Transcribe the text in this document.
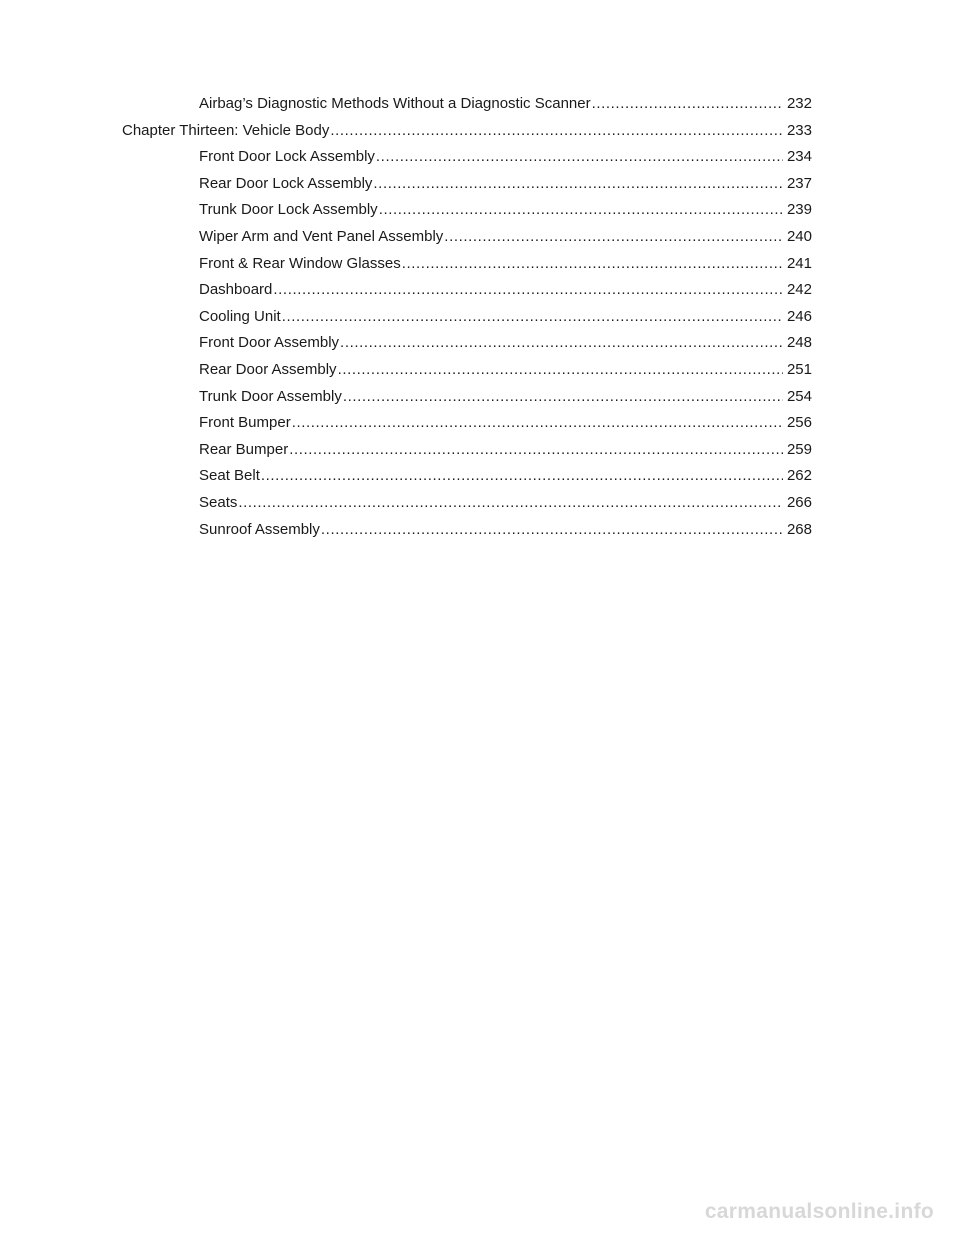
Airbag’s Diagnostic Methods Without a Diagnostic Scanner .....	232
Chapter Thirteen: Vehicle Body .....	233
Front Door Lock Assembly .....	234
Rear Door Lock Assembly .....	237
Trunk Door Lock Assembly .....	239
Wiper Arm and Vent Panel Assembly .....	240
Front & Rear Window Glasses .....	241
Dashboard .....	242
Cooling Unit .....	246
Front Door Assembly .....	248
Rear Door Assembly .....	251
Trunk Door Assembly .....	254
Front Bumper .....	256
Rear Bumper .....	259
Seat Belt .....	262
Seats .....	266
Sunroof Assembly .....	268
carmanualsonline.info
